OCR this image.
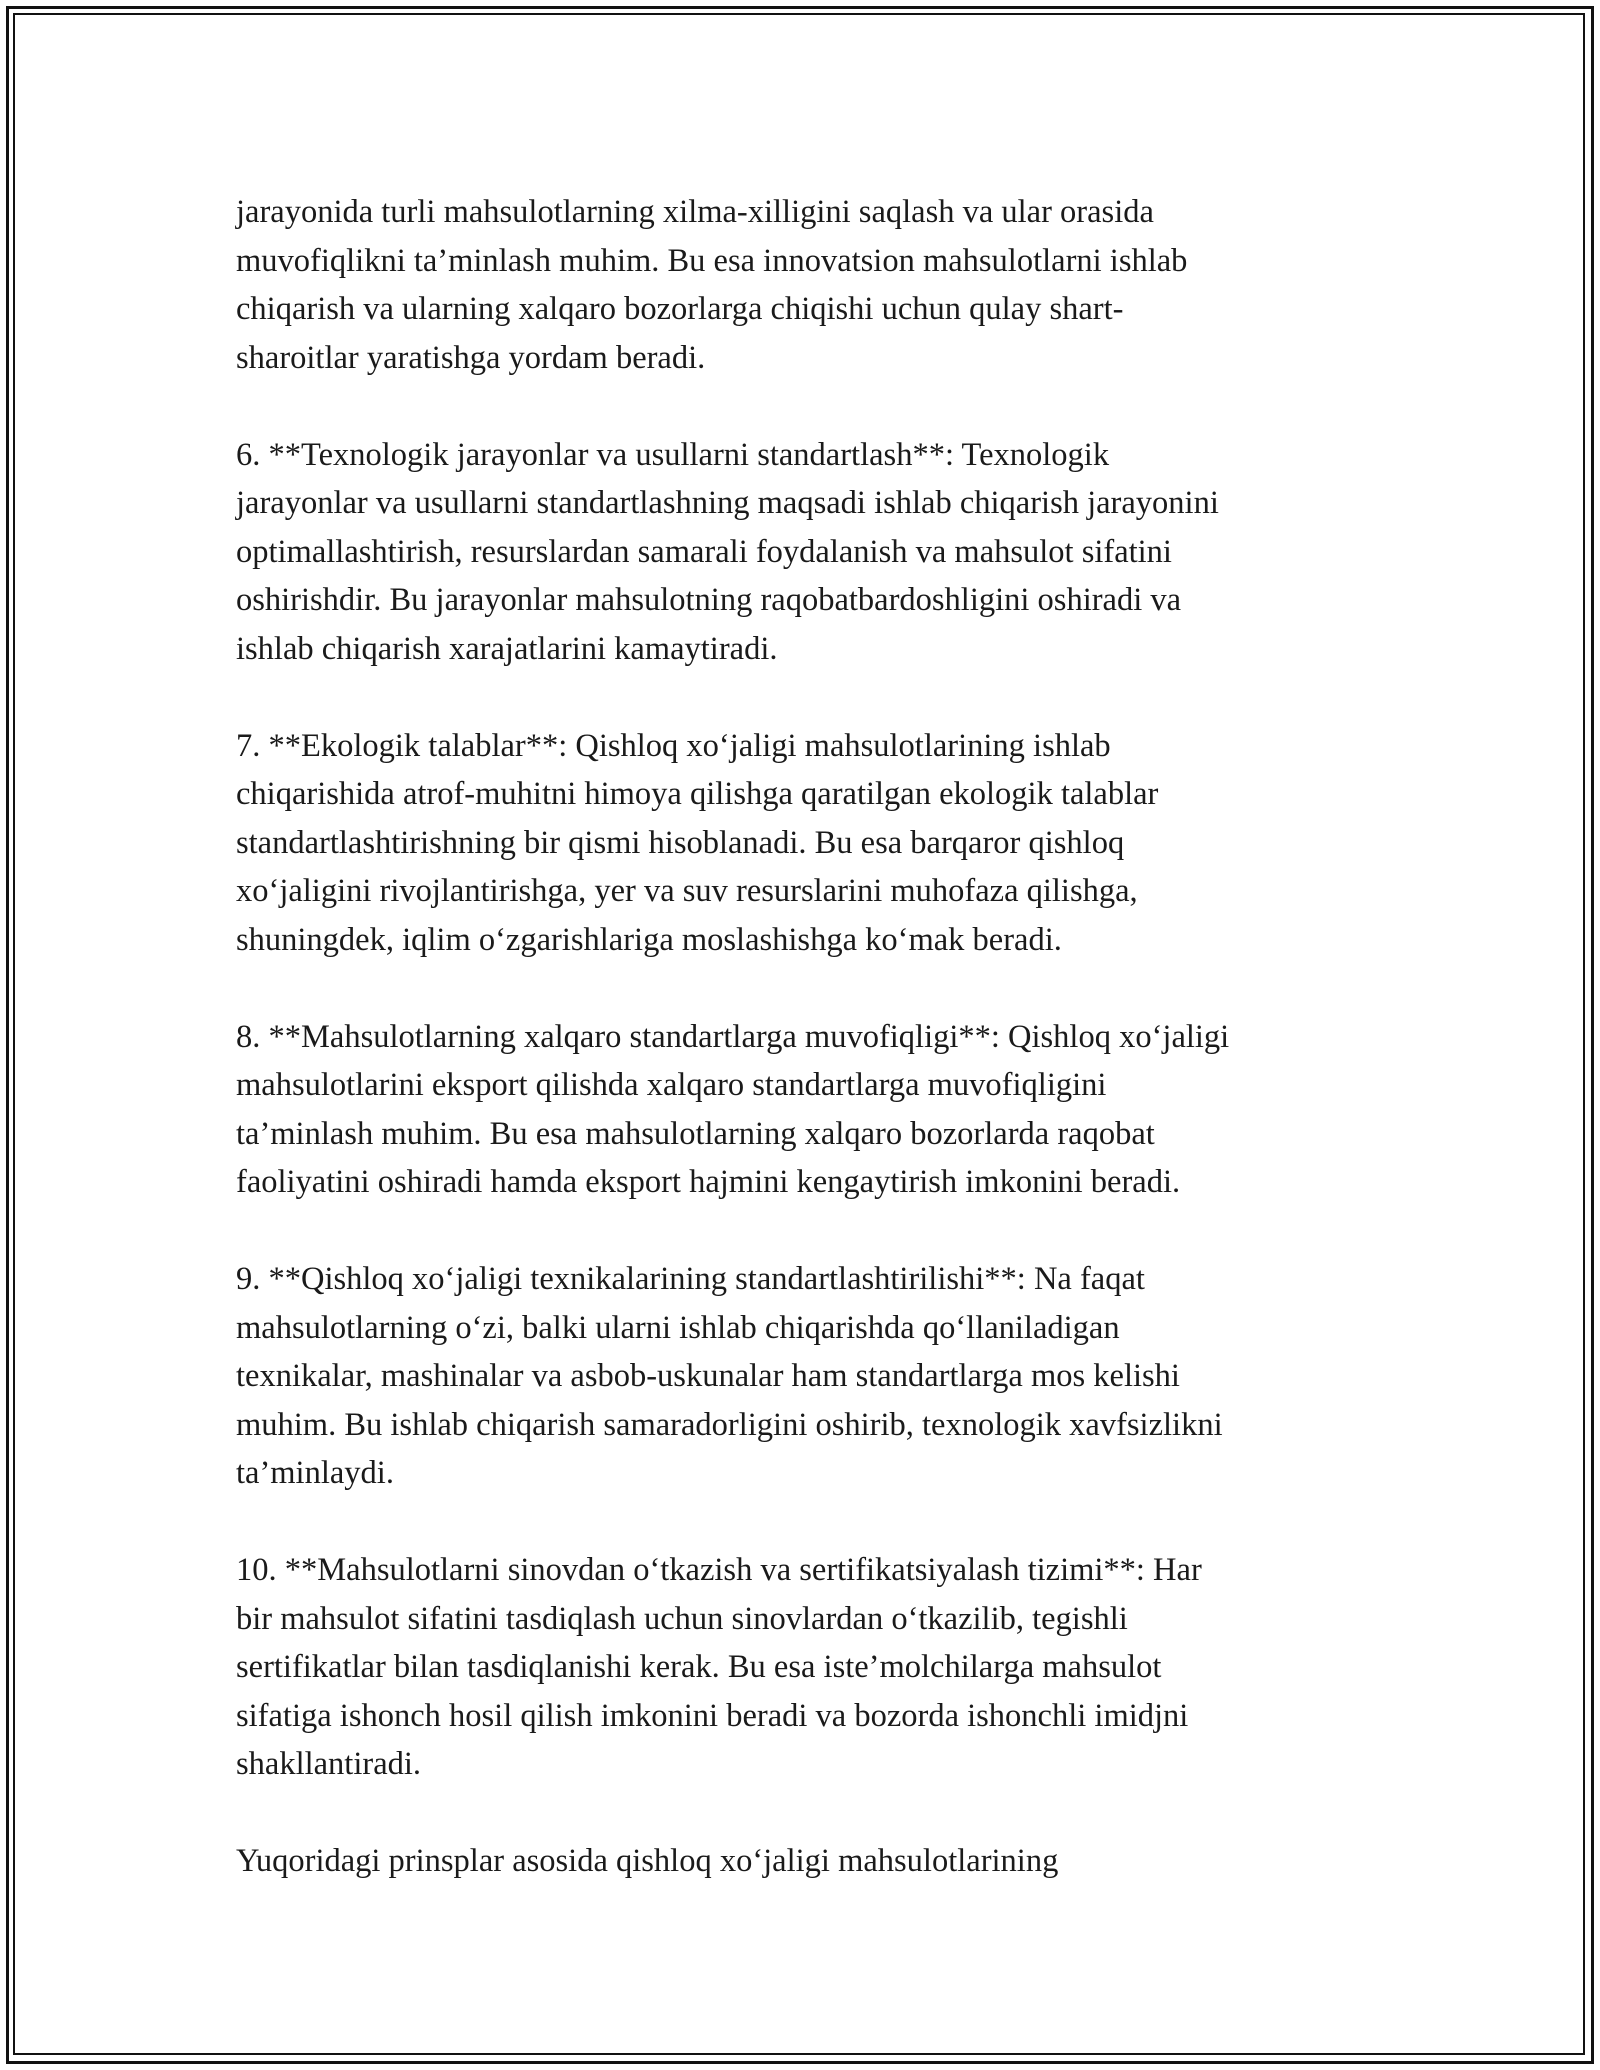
jarayonida turli mahsulotlarning xilma-xilligini saqlash va ular orasida
muvofiqlikni ta’minlash muhim. Bu esa innovatsion mahsulotlarni ishlab
chiqarish va ularning xalqaro bozorlarga chiqishi uchun qulay shart-
sharoitlar yaratishga yordam beradi.
6. **Texnologik jarayonlar va usullarni standartlash**: Texnologik
jarayonlar va usullarni standartlashning maqsadi ishlab chiqarish jarayonini
optimallashtirish, resurslardan samarali foydalanish va mahsulot sifatini
oshirishdir. Bu jarayonlar mahsulotning raqobatbardoshligini oshiradi va
ishlab chiqarish xarajatlarini kamaytiradi.
7. **Ekologik talablar**: Qishloq xoʻjaligi mahsulotlarining ishlab
chiqarishida atrof-muhitni himoya qilishga qaratilgan ekologik talablar
standartlashtirishning bir qismi hisoblanadi. Bu esa barqaror qishloq
xoʻjaligini rivojlantirishga, yer va suv resurslarini muhofaza qilishga,
shuningdek, iqlim oʻzgarishlariga moslashishga koʻmak beradi.
8. **Mahsulotlarning xalqaro standartlarga muvofiqligi**: Qishloq xoʻjaligi
mahsulotlarini eksport qilishda xalqaro standartlarga muvofiqligini
ta’minlash muhim. Bu esa mahsulotlarning xalqaro bozorlarda raqobat
faoliyatini oshiradi hamda eksport hajmini kengaytirish imkonini beradi.
9. **Qishloq xoʻjaligi texnikalarining standartlashtirilishi**: Na faqat
mahsulotlarning oʻzi, balki ularni ishlab chiqarishda qoʻllaniladigan
texnikalar, mashinalar va asbob-uskunalar ham standartlarga mos kelishi
muhim. Bu ishlab chiqarish samaradorligini oshirib, texnologik xavfsizlikni
ta’minlaydi.
10. **Mahsulotlarni sinovdan oʻtkazish va sertifikatsiyalash tizimi**: Har
bir mahsulot sifatini tasdiqlash uchun sinovlardan oʻtkazilib, tegishli
sertifikatlar bilan tasdiqlanishi kerak. Bu esa iste’molchilarga mahsulot
sifatiga ishonch hosil qilish imkonini beradi va bozorda ishonchli imidjni
shakllantiradi.
Yuqoridagi prinsplar asosida qishloq xoʻjaligi mahsulotlarining
